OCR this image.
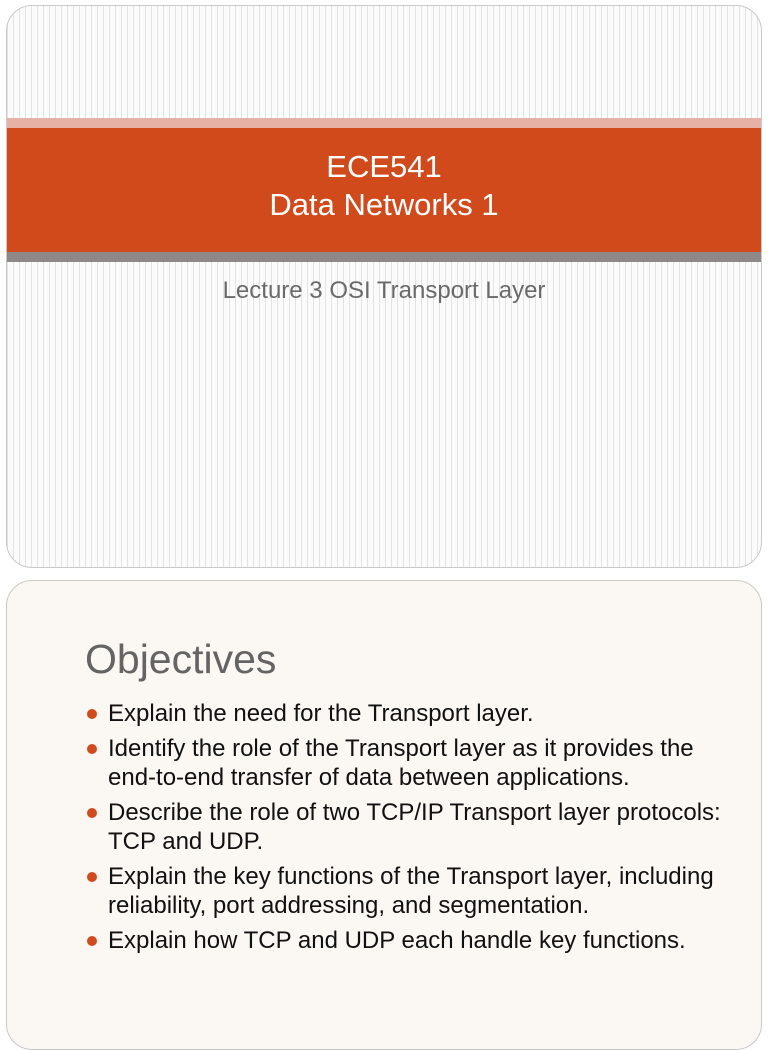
ECE541
Data Networks 1
Lecture 3 OSI Transport Layer
Objectives
Explain the need for the Transport layer.
Identify the role of the Transport layer as it provides the end-to-end transfer of data between applications.
Describe the role of two TCP/IP Transport layer protocols: TCP and UDP.
Explain the key functions of the Transport layer, including reliability, port addressing, and segmentation.
Explain how TCP and UDP each handle key functions.
